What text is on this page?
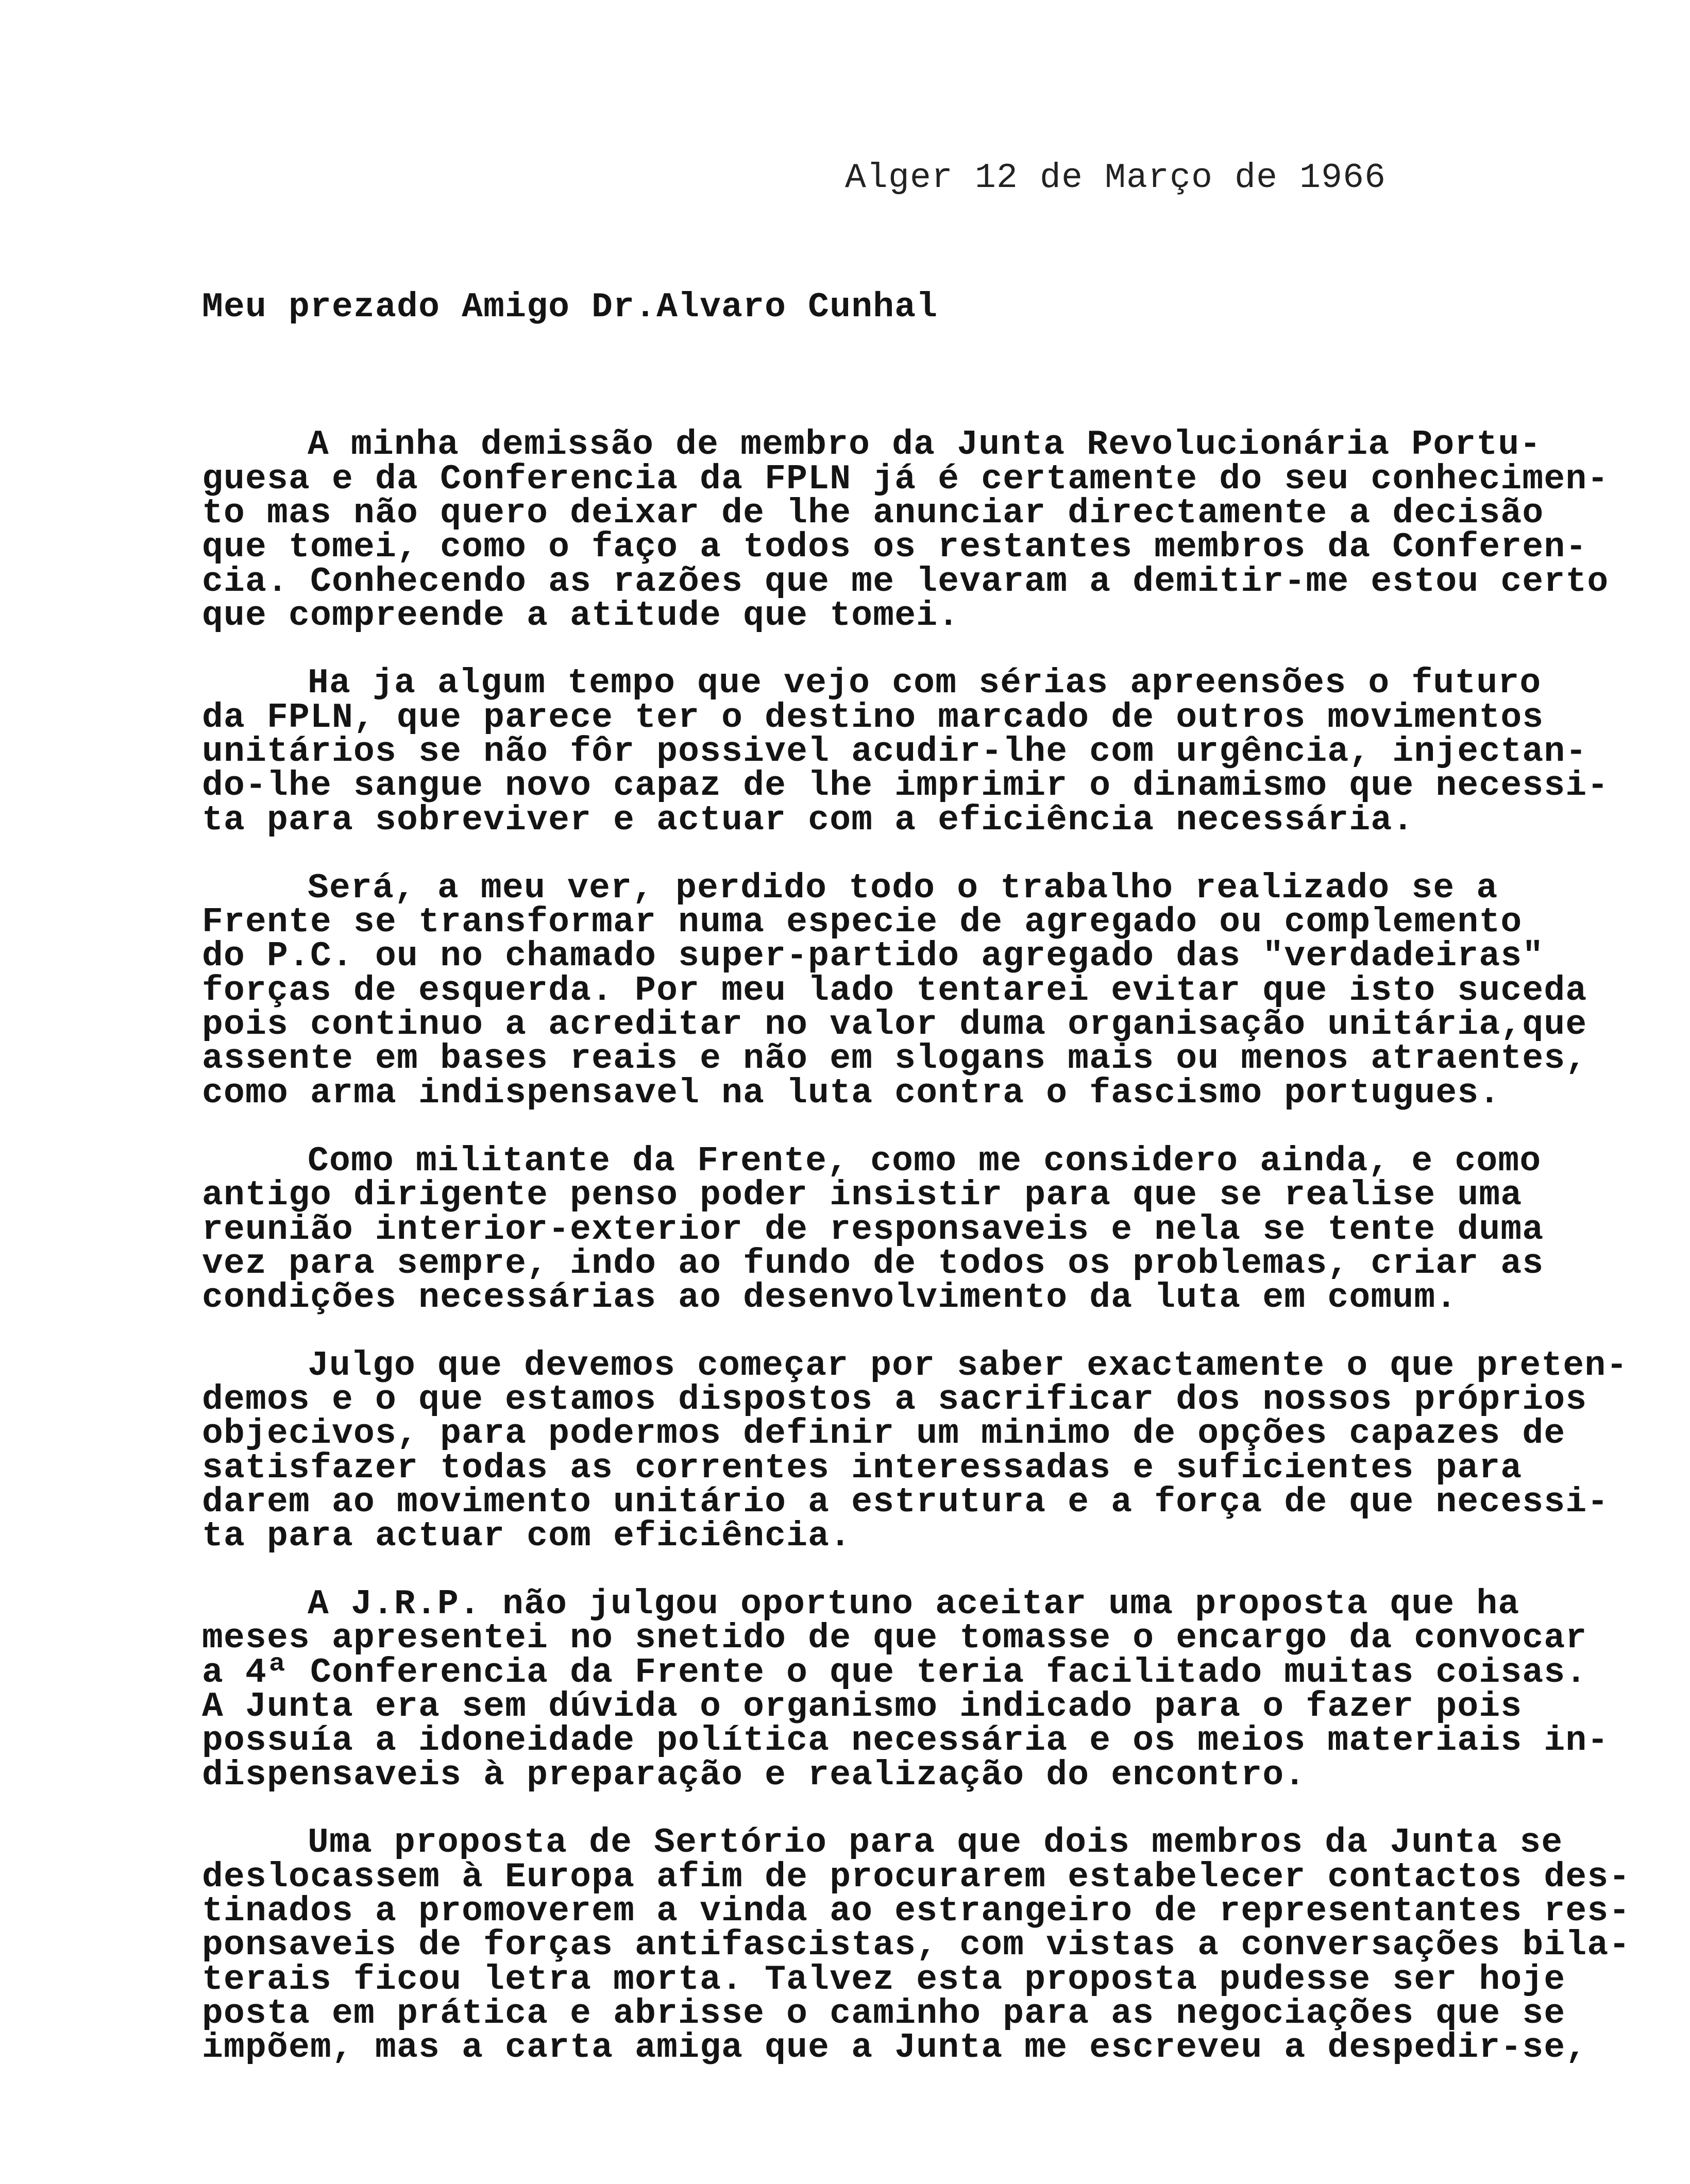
Alger 12 de Março de 1966

Meu prezado Amigo Dr.Alvaro Cunhal

A minha demissão de membro da Junta Revolucionária Portu-

guesa e da Conferencia da FPLN já é certamente do seu conhecimen-

to mas não quero deixar de lhe anunciar directamente a decisão

que tomei, como o faço a todos os restantes membros da Conferen-

cia. Conhecendo as razões que me levaram a demitir-me estou certo

que compreende a atitude que tomei.

Ha ja algum tempo que vejo com sérias apreensões o futuro

da FPLN, que parece ter o destino marcado de outros movimentos

unitários se não fôr possivel acudir-lhe com urgência, injectan-

do-lhe sangue novo capaz de lhe imprimir o dinamismo que necessi-

ta para sobreviver e actuar com a eficiência necessária.

Será, a meu ver, perdido todo o trabalho realizado se a

Frente se transformar numa especie de agregado ou complemento

do P.C. ou no chamado super-partido agregado das "verdadeiras"

forças de esquerda. Por meu lado tentarei evitar que isto suceda

pois continuo a acreditar no valor duma organisação unitária,que

assente em bases reais e não em slogans mais ou menos atraentes,

como arma indispensavel na luta contra o fascismo portugues.

Como militante da Frente, como me considero ainda, e como

antigo dirigente penso poder insistir para que se realise uma

reunião interior-exterior de responsaveis e nela se tente duma

vez para sempre, indo ao fundo de todos os problemas, criar as

condições necessárias ao desenvolvimento da luta em comum.

Julgo que devemos começar por saber exactamente o que preten-

demos e o que estamos dispostos a sacrificar dos nossos próprios

objecivos, para podermos definir um minimo de opções capazes de

satisfazer todas as correntes interessadas e suficientes para

darem ao movimento unitário a estrutura e a força de que necessi-

ta para actuar com eficiência.

A J.R.P. não julgou oportuno aceitar uma proposta que ha

meses apresentei no snetido de que tomasse o encargo da convocar

a 4ª Conferencia da Frente o que teria facilitado muitas coisas.

A Junta era sem dúvida o organismo indicado para o fazer pois

possuía a idoneidade política necessária e os meios materiais in-

dispensaveis à preparação e realização do encontro.

Uma proposta de Sertório para que dois membros da Junta se

deslocassem à Europa afim de procurarem estabelecer contactos des-

tinados a promoverem a vinda ao estrangeiro de representantes res-

ponsaveis de forças antifascistas, com vistas a conversações bila-

terais ficou letra morta. Talvez esta proposta pudesse ser hoje

posta em prática e abrisse o caminho para as negociações que se

impõem, mas a carta amiga que a Junta me escreveu a despedir-se,
